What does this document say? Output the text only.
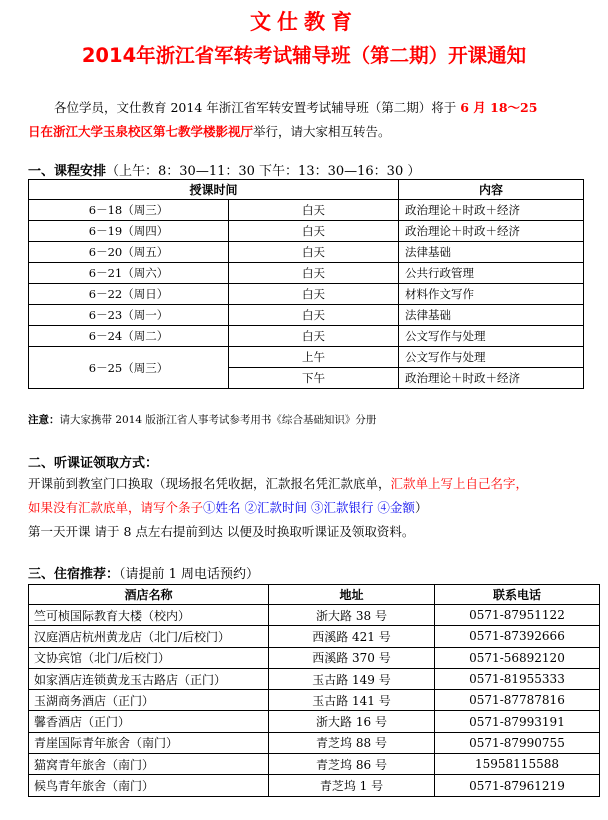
文仕教育
2014年浙江省军转考试辅导班（第二期）开课通知
各位学员，文仕教育 2014 年浙江省军转安置考试辅导班（第二期）将于 6 月 18～25
日在浙江大学玉泉校区第七教学楼影视厅举行，请大家相互转告。
一、课程安排（上午：8：30—11：30 下午：13：30—16：30 ）
授课时间		内容
6－18（周三）	白天	政治理论＋时政＋经济
6－19（周四）	白天	政治理论＋时政＋经济
6－20（周五）	白天	法律基础
6－21（周六）	白天	公共行政管理
6－22（周日）	白天	材料作文写作
6－23（周一）	白天	法律基础
6－24（周二）	白天	公文写作与处理
6－25（周三）	上午	公文写作与处理
	下午	政治理论＋时政＋经济
注意：请大家携带 2014 版浙江省人事考试参考用书《综合基础知识》分册
二、听课证领取方式：
开课前到教室门口换取（现场报名凭收据，汇款报名凭汇款底单，汇款单上写上自己名字，
如果没有汇款底单，请写个条子①姓名 ②汇款时间 ③汇款银行 ④金额）
第一天开课 请于 8 点左右提前到达 以便及时换取听课证及领取资料。
三、住宿推荐：（请提前 1 周电话预约）
酒店名称	地址	联系电话
竺可桢国际教育大楼（校内）	浙大路 38 号	0571-87951122
汉庭酒店杭州黄龙店（北门/后校门）	西溪路 421 号	0571-87392666
文协宾馆（北门/后校门）	西溪路 370 号	0571-56892120
如家酒店连锁黄龙玉古路店（正门）	玉古路 149 号	0571-81955333
玉湖商务酒店（正门）	玉古路 141 号	0571-87787816
馨香酒店（正门）	浙大路 16 号	0571-87993191
青崖国际青年旅舍（南门）	青芝坞 88 号	0571-87990755
猫窝青年旅舍（南门）	青芝坞 86 号	15958115588
候鸟青年旅舍（南门）	青芝坞 1 号	0571-87961219
